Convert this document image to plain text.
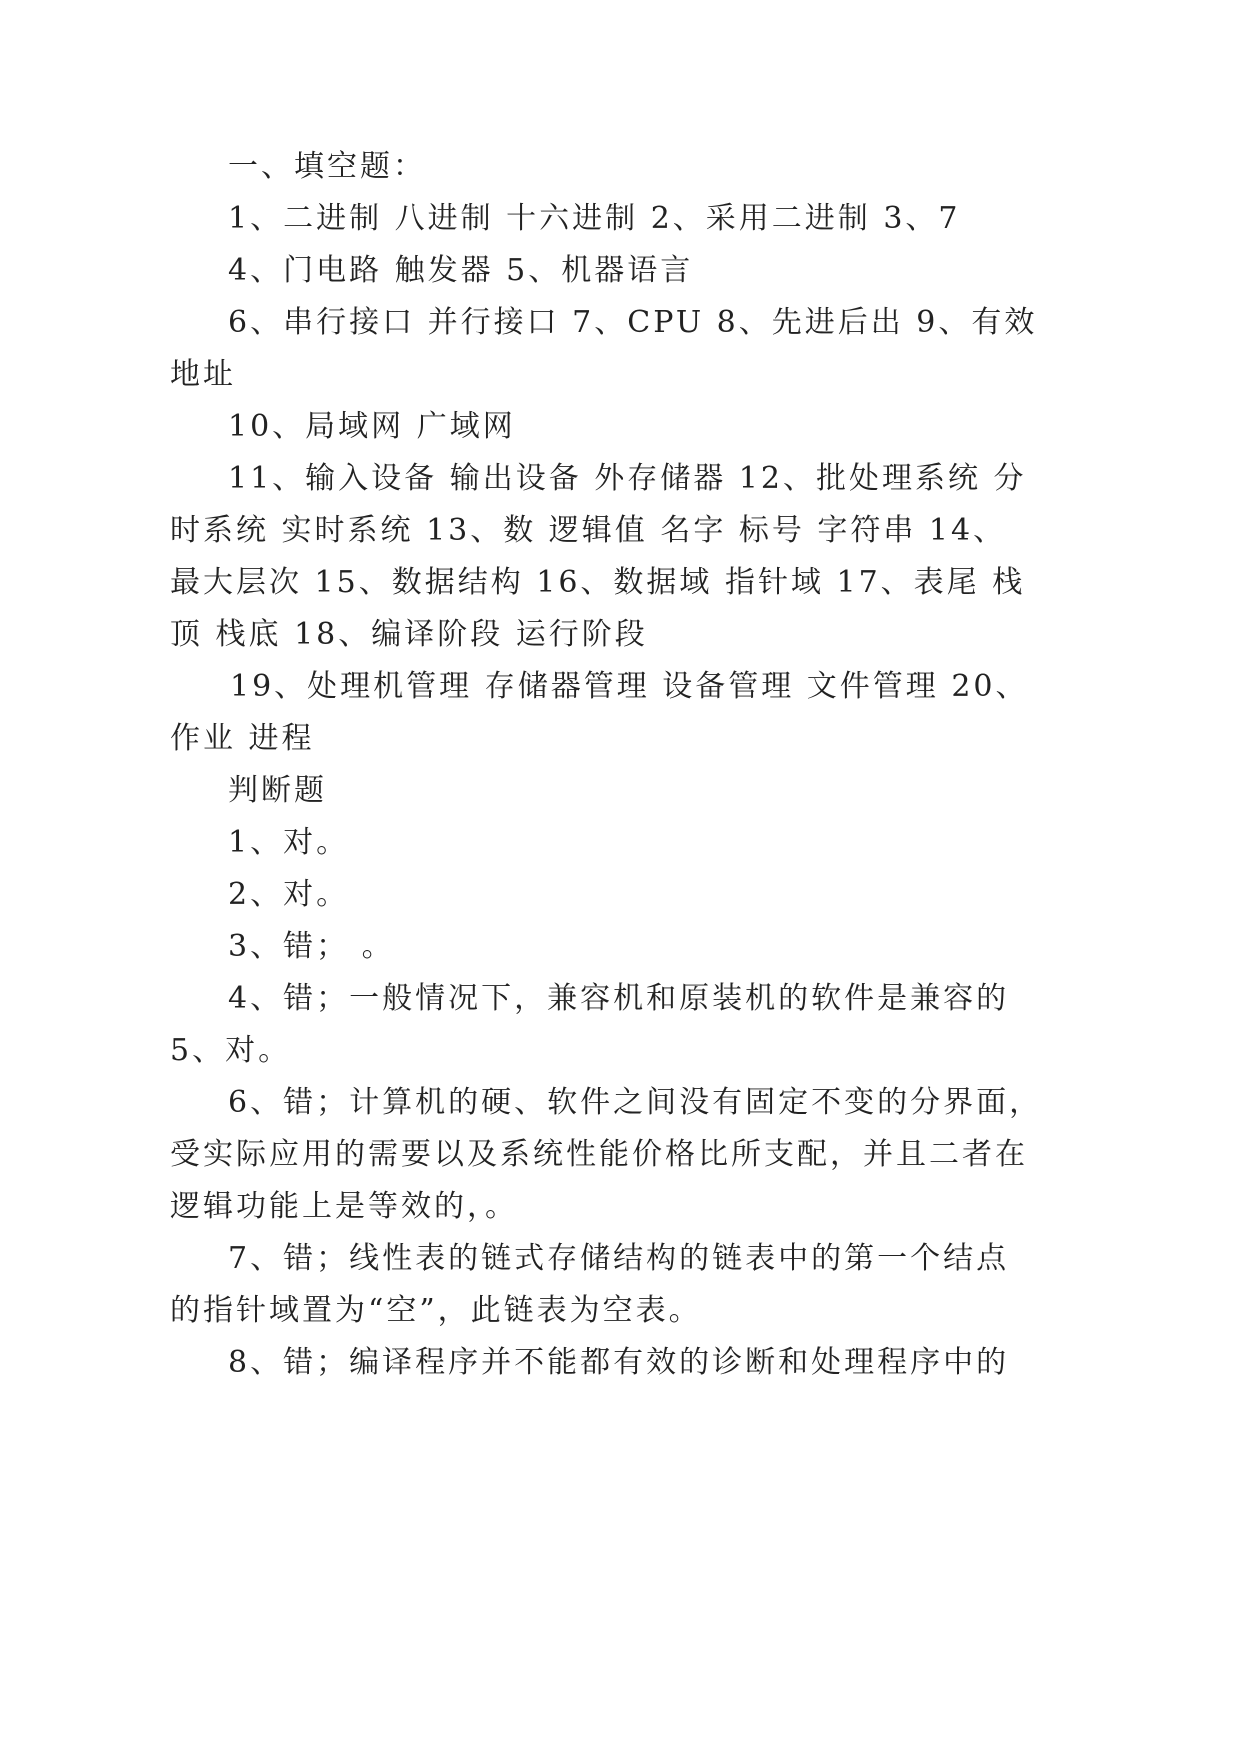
一、填空题：
1、二进制 八进制 十六进制 2、采用二进制 3、7
4、门电路 触发器 5、机器语言
6、串行接口 并行接口 7、CPU 8、先进后出 9、有效
地址
10、局域网 广域网
11、输入设备 输出设备 外存储器 12、批处理系统 分
时系统 实时系统 13、数 逻辑值 名字 标号 字符串 14、
最大层次 15、数据结构 16、数据域 指针域 17、表尾 栈
顶 栈底 18、编译阶段 运行阶段
19、处理机管理 存储器管理 设备管理 文件管理 20、
作业 进程
判断题
1、对。
2、对。
3、错； 。
4、错；一般情况下，兼容机和原装机的软件是兼容的
5、对。
6、错；计算机的硬、软件之间没有固定不变的分界面，
受实际应用的需要以及系统性能价格比所支配，并且二者在
逻辑功能上是等效的，。
7、错；线性表的链式存储结构的链表中的第一个结点
的指针域置为“空”，此链表为空表。
8、错；编译程序并不能都有效的诊断和处理程序中的
